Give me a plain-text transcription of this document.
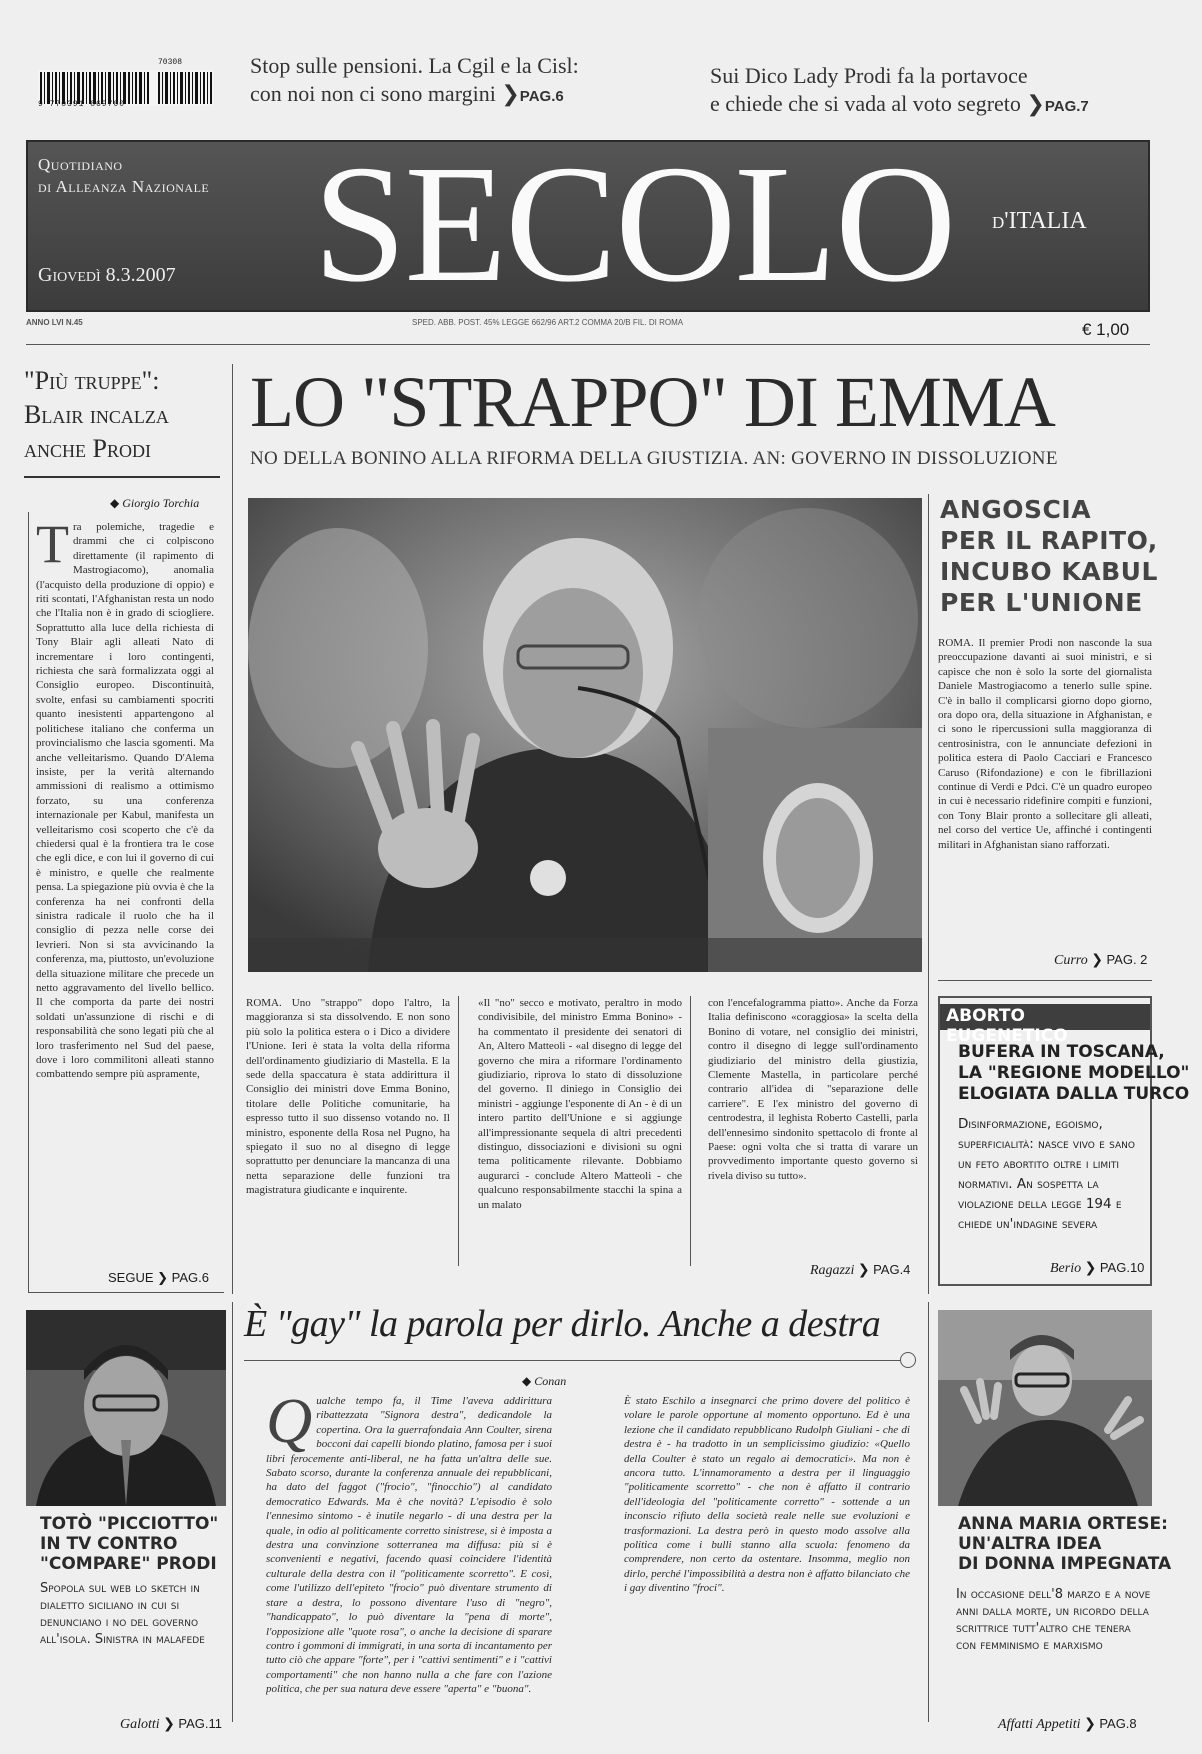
9 770391 869700
70308	Stop sulle pensioni. La Cgil e la Cisl:
con noi non ci sono margini ❯PAG.6
Sui Dico Lady Prodi fa la portavoce
e chiede che si vada al voto segreto ❯PAG.7
Quotidiano
di Alleanza Nazionale
Giovedì 8.3.2007 SECOLO d'ITALIA
ANNO LVI N.45	SPED. ABB. POST. 45% LEGGE 662/96 ART.2 COMMA 20/B FIL. DI ROMA	€ 1,00
"Più truppe": Blair incalza anche Prodi
◆ Giorgio Torchia
Tra polemiche, tragedie e drammi che ci colpiscono direttamente (il rapimento di Mastrogiacomo), anomalia (l'acquisto della produzione di oppio) e riti scontati, l'Afghanistan resta un nodo che l'Italia non è in grado di sciogliere. Soprattutto alla luce della richiesta di Tony Blair agli alleati Nato di incrementare i loro contingenti, richiesta che sarà formalizzata oggi al Consiglio europeo. Discontinuità, svolte, enfasi su cambiamenti spocriti quanto inesistenti appartengono al politichese italiano che conferma un provincialismo che lascia sgomenti. Ma anche velleitarismo. Quando D'Alema insiste, per la verità alternando ammissioni di realismo a ottimismo forzato, su una conferenza internazionale per Kabul, manifesta un velleitarismo così scoperto che c'è da chiedersi qual è la frontiera tra le cose che egli dice, e con lui il governo di cui è ministro, e quelle che realmente pensa. La spiegazione più ovvia è che la conferenza ha nei confronti della sinistra radicale il ruolo che ha il consiglio di pezza nelle corse dei levrieri. Non si sta avvicinando la conferenza, ma, piuttosto, un'evoluzione della situazione militare che precede un netto aggravamento del livello bellico. Il che comporta da parte dei nostri soldati un'assunzione di rischi e di responsabilità che sono legati più che al loro trasferimento nel Sud del paese, dove i loro commilitoni alleati stanno combattendo sempre più aspramente,
SEGUE ❯ PAG.6
LO "STRAPPO" DI EMMA
NO DELLA BONINO ALLA RIFORMA DELLA GIUSTIZIA. AN: GOVERNO IN DISSOLUZIONE
ROMA. Uno "strappo" dopo l'altro, la maggioranza si sta dissolvendo. E non sono più solo la politica estera o i Dico a dividere l'Unione. Ieri è stata la volta della riforma dell'ordinamento giudiziario di Mastella. E la sede della spaccatura è stata addirittura il Consiglio dei ministri dove Emma Bonino, titolare delle Politiche comunitarie, ha espresso tutto il suo dissenso votando no. Il ministro, esponente della Rosa nel Pugno, ha spiegato il suo no al disegno di legge soprattutto per denunciare la mancanza di una netta separazione delle funzioni tra magistratura giudicante e inquirente.
«Il "no" secco e motivato, peraltro in modo condivisibile, del ministro Emma Bonino» - ha commentato il presidente dei senatori di An, Altero Matteoli - «al disegno di legge del governo che mira a riformare l'ordinamento giudiziario, riprova lo stato di dissoluzione del governo. Il diniego in Consiglio dei ministri - aggiunge l'esponente di An - è di un intero partito dell'Unione e si aggiunge all'impressionante sequela di altri precedenti distinguo, dissociazioni e divisioni su ogni tema politicamente rilevante. Dobbiamo augurarci - conclude Altero Matteoli - che qualcuno responsabilmente stacchi la spina a un malato
con l'encefalogramma piatto». Anche da Forza Italia definiscono «coraggiosa» la scelta della Bonino di votare, nel consiglio dei ministri, contro il disegno di legge sull'ordinamento giudiziario del ministro della giustizia, Clemente Mastella, in particolare perché contrario all'idea di "separazione delle carriere". E l'ex ministro del governo di centrodestra, il leghista Roberto Castelli, parla dell'ennesimo sindonito spettacolo di fronte al Paese: ogni volta che si tratta di varare un provvedimento importante questo governo si rivela diviso su tutto».
Ragazzi ❯ PAG.4
ANGOSCIA
PER IL RAPITO,
INCUBO KABUL
PER L'UNIONE
ROMA. Il premier Prodi non nasconde la sua preoccupazione davanti ai suoi ministri, e si capisce che non è solo la sorte del giornalista Daniele Mastrogiacomo a tenerlo sulle spine. C'è in ballo il complicarsi giorno dopo giorno, ora dopo ora, della situazione in Afghanistan, e ci sono le ripercussioni sulla maggioranza di centrosinistra, con le annunciate defezioni in politica estera di Paolo Cacciari e Francesco Caruso (Rifondazione) e con le fibrillazioni continue di Verdi e Pdci. C'è un quadro europeo in cui è necessario ridefinire compiti e funzioni, con Tony Blair pronto a sollecitare gli alleati, nel corso del vertice Ue, affinché i contingenti militari in Afghanistan siano rafforzati.
Curro ❯ PAG. 2
ABORTO EUGENETICO
BUFERA IN TOSCANA,
LA "REGIONE MODELLO"
ELOGIATA DALLA TURCO
Disinformazione, egoismo, superficialità: nasce vivo e sano un feto abortito oltre i limiti normativi. An sospetta la violazione della legge 194 e chiede un'indagine severa
Berio ❯ PAG.10
È "gay" la parola per dirlo. Anche a destra
◆ Conan
Qualche tempo fa, il Time l'aveva addirittura ribattezzata "Signora destra", dedicandole la copertina. Ora la guerrafondaia Ann Coulter, sirena bocconi dai capelli biondo platino, famosa per i suoi libri ferocemente anti-liberal, ne ha fatta un'altra delle sue. Sabato scorso, durante la conferenza annuale dei repubblicani, ha dato del faggot ("frocio", "finocchio") al candidato democratico Edwards. Ma è che novità? L'episodio è solo l'ennesimo sintomo - è inutile negarlo - di una destra per la quale, in odio al politicamente corretto sinistrese, si è imposta a destra una convinzione sotterranea ma diffusa: più si è sconvenienti e negativi, facendo quasi coincidere l'identità culturale della destra con il "politicamente scorretto". E così, come l'utilizzo dell'epiteto "frocio" può diventare strumento di stare a destra, lo possono diventare l'uso di "negro", "handicappato", lo può diventare la "pena di morte", l'opposizione alle "quote rosa", o anche la decisione di sparare contro i gommoni di immigrati, in una sorta di incantamento per tutto ciò che appare "forte", per i "cattivi sentimenti" e i "cattivi comportamenti" che non hanno nulla a che fare con l'azione politica, che per sua natura deve essere "aperta" e "buona".
È stato Eschilo a insegnarci che primo dovere del politico è volare le parole opportune al momento opportuno. Ed è una lezione che il candidato repubblicano Rudolph Giuliani - che di destra è - ha tradotto in un semplicissimo giudizio: «Quello della Coulter è stato un regalo ai democratici». Ma non è ancora tutto. L'innamoramento a destra per il linguaggio "politicamente scorretto" - che non è affatto il contrario dell'ideologia del "politicamente corretto" - sottende a un inconscio rifiuto della società reale nelle sue evoluzioni e trasformazioni. La destra però in questo modo assolve alla politica come i bulli stanno alla scuola: fenomeno da comprendere, non certo da ostentare. Insomma, meglio non dirlo, perché l'impossibilità a destra non è affatto bilanciato che i gay diventino "froci".
TOTÒ "PICCIOTTO"
IN TV CONTRO
"COMPARE" PRODI
Spopola sul web lo sketch in dialetto siciliano in cui si denunciano i no del governo all'isola. Sinistra in malafede
Galotti ❯ PAG.11
ANNA MARIA ORTESE:
UN'ALTRA IDEA
DI DONNA IMPEGNATA
In occasione dell'8 marzo e a nove anni dalla morte, un ricordo della scrittrice tutt'altro che tenera con femminismo e marxismo
Affatti Appetiti ❯ PAG.8
